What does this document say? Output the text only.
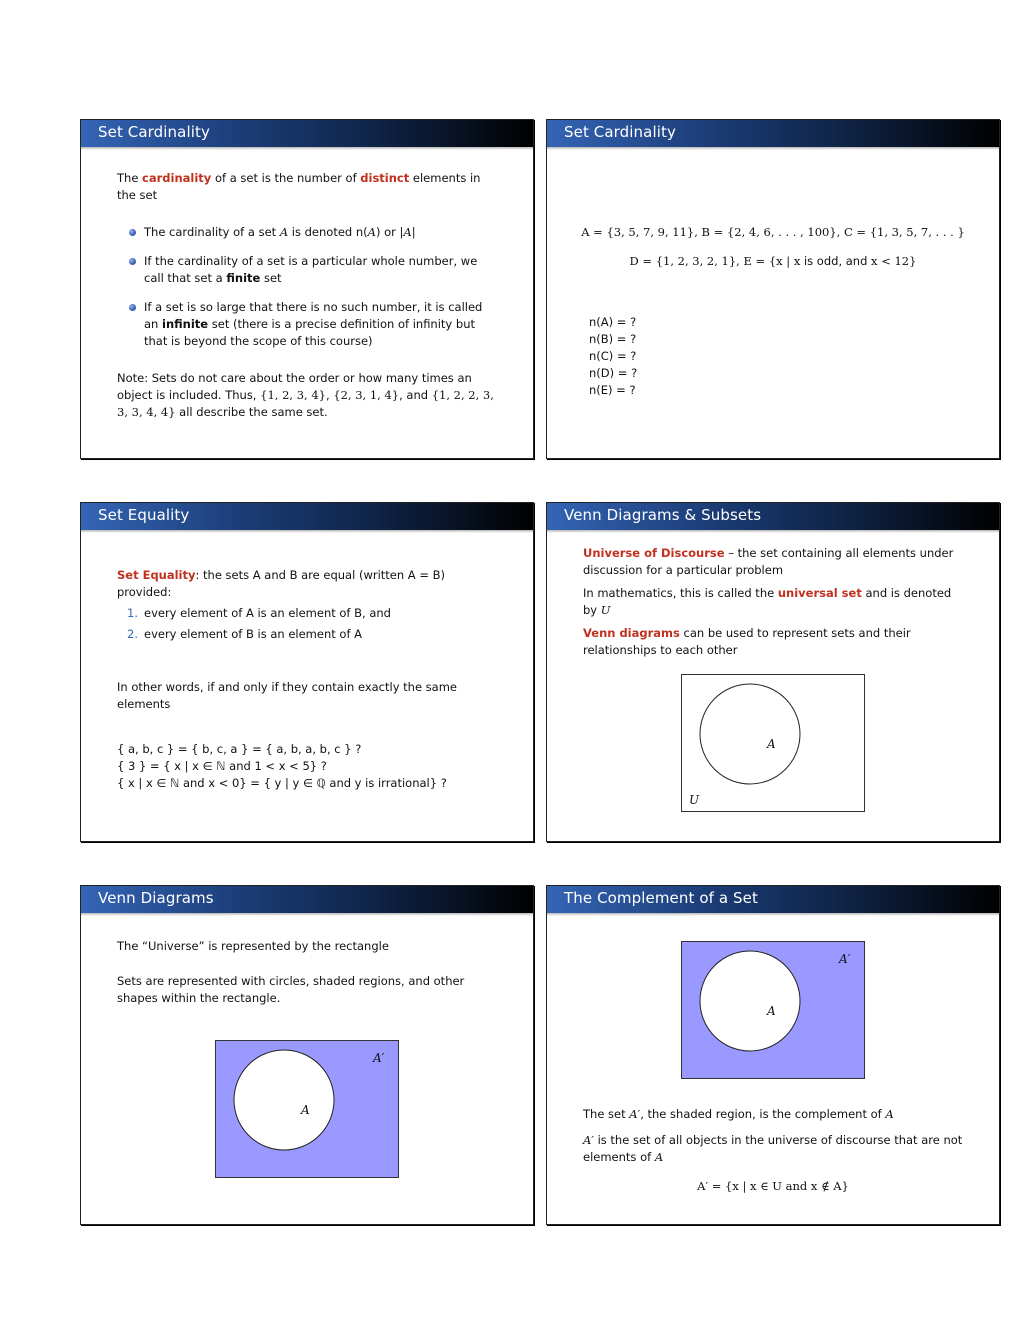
Set Cardinality

The cardinality of a set is the number of distinct elements in the set

The cardinality of a set A is denoted n(A) or |A|
If the cardinality of a set is a particular whole number, we call that set a finite set
If a set is so large that there is no such number, it is called an infinite set (there is a precise definition of infinity but that is beyond the scope of this course)

Note: Sets do not care about the order or how many times an object is included. Thus, {1, 2, 3, 4}, {2, 3, 1, 4}, and {1, 2, 2, 3, 3, 3, 4, 4} all describe the same set.

Set Cardinality

A = {3, 5, 7, 9, 11}, B = {2, 4, 6, . . . , 100}, C = {1, 3, 5, 7, . . . }

D = {1, 2, 3, 2, 1}, E = {x | x is odd, and x < 12}

n(A) = ?
n(B) = ?
n(C) = ?
n(D) = ?
n(E) = ?
Set Equality

Set Equality: the sets A and B are equal (written A = B) provided:

1. every element of A is an element of B, and
2. every element of B is an element of A

In other words, if and only if they contain exactly the same elements

{ a, b, c } = { b, c, a } = { a, b, a, b, c } ?
{ 3 } = { x | x ∈ ℕ and 1 < x < 5} ?
{ x | x ∈ ℕ and x < 0} = { y | y ∈ ℚ and y is irrational} ?
Venn Diagrams & Subsets

Universe of Discourse – the set containing all elements under discussion for a particular problem

In mathematics, this is called the universal set and is denoted by U

Venn diagrams can be used to represent sets and their relationships to each other

A
U
Venn Diagrams

The “Universe” is represented by the rectangle

Sets are represented with circles, shaded regions, and other shapes within the rectangle.

A
A′
The Complement of a Set
A
A′

The set A′, the shaded region, is the complement of A

A′ is the set of all objects in the universe of discourse that are not elements of A

A′ = {x | x ∈ U and x ∉ A}
